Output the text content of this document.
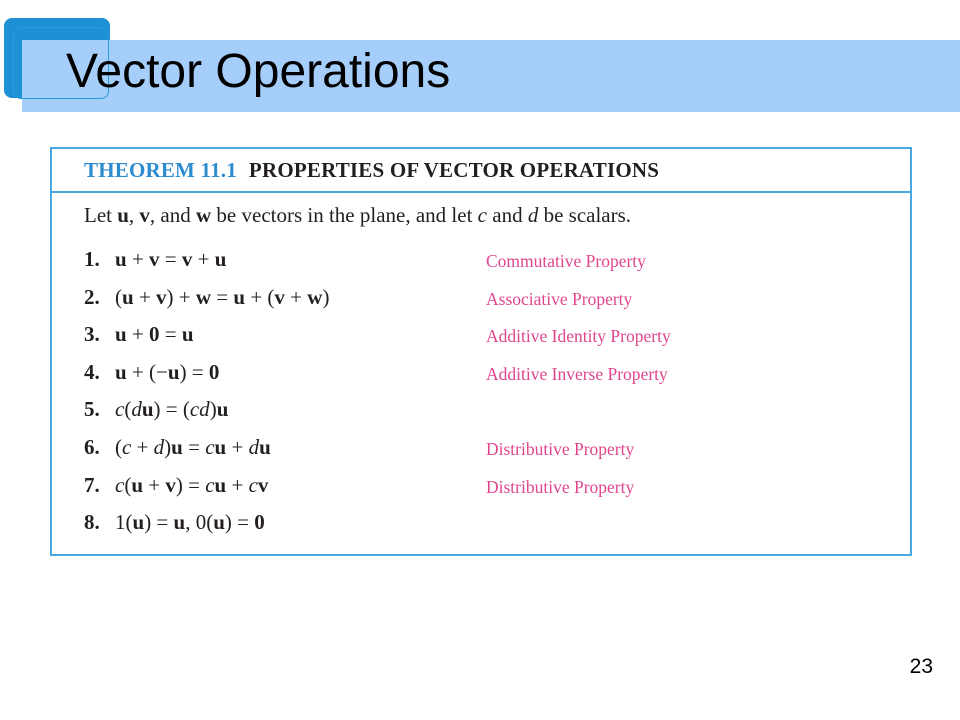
Vector Operations
THEOREM 11.1 PROPERTIES OF VECTOR OPERATIONS
Let u, v, and w be vectors in the plane, and let c and d be scalars.
1. u + v = v + u	Commutative Property
2. (u + v) + w = u + (v + w)	Associative Property
3. u + 0 = u	Additive Identity Property
4. u + (−u) = 0	Additive Inverse Property
5. c(du) = (cd)u
6. (c + d)u = cu + du	Distributive Property
7. c(u + v) = cu + cv	Distributive Property
8. 1(u) = u, 0(u) = 0
23
